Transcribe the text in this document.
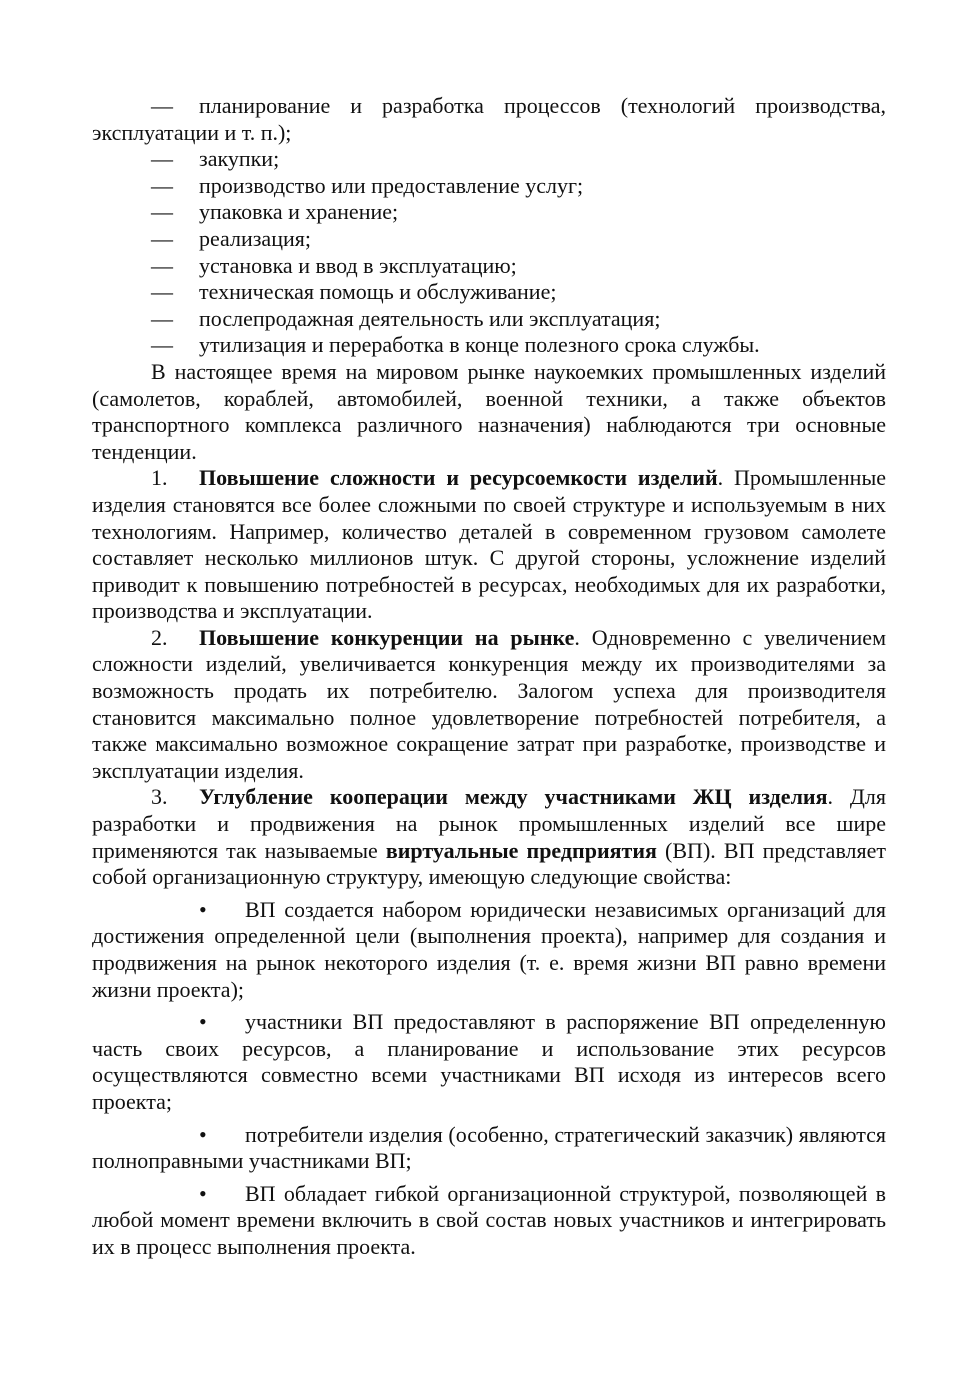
— планирование и разработка процессов (технологий производства, эксплуатации и т. п.);
— закупки;
— производство или предоставление услуг;
— упаковка и хранение;
— реализация;
— установка и ввод в эксплуатацию;
— техническая помощь и обслуживание;
— послепродажная деятельность или эксплуатация;
— утилизация и переработка в конце полезного срока службы.

В настоящее время на мировом рынке наукоемких промышленных изделий (самолетов, кораблей, автомобилей, военной техники, а также объектов транспортного комплекса различного назначения) наблюдаются три основные тенденции.

1. Повышение сложности и ресурсоемкости изделий. Промышленные изделия становятся все более сложными по своей структуре и используемым в них технологиям. Например, количество деталей в современном грузовом самолете составляет несколько миллионов штук. С другой стороны, усложнение изделий приводит к повышению потребностей в ресурсах, необходимых для их разработки, производства и эксплуатации.
2. Повышение конкуренции на рынке. Одновременно с увеличением сложности изделий, увеличивается конкуренция между их производителями за возможность продать их потребителю. Залогом успеха для производителя становится максимально полное удовлетворение потребностей потребителя, а также максимально возможное сокращение затрат при разработке, производстве и эксплуатации изделия.
3. Углубление кооперации между участниками ЖЦ изделия. Для разработки и продвижения на рынок промышленных изделий все шире применяются так называемые виртуальные предприятия (ВП). ВП представляет собой организационную структуру, имеющую следующие свойства:
• ВП создается набором юридически независимых организаций для достижения определенной цели (выполнения проекта), например для создания и продвижения на рынок некоторого изделия (т. е. время жизни ВП равно времени жизни проекта);
• участники ВП предоставляют в распоряжение ВП определенную часть своих ресурсов, а планирование и использование этих ресурсов осуществляются совместно всеми участниками ВП исходя из интересов всего проекта;
• потребители изделия (особенно, стратегический заказчик) являются полноправными участниками ВП;
• ВП обладает гибкой организационной структурой, позволяющей в любой момент времени включить в свой состав новых участников и интегрировать их в процесс выполнения проекта.
